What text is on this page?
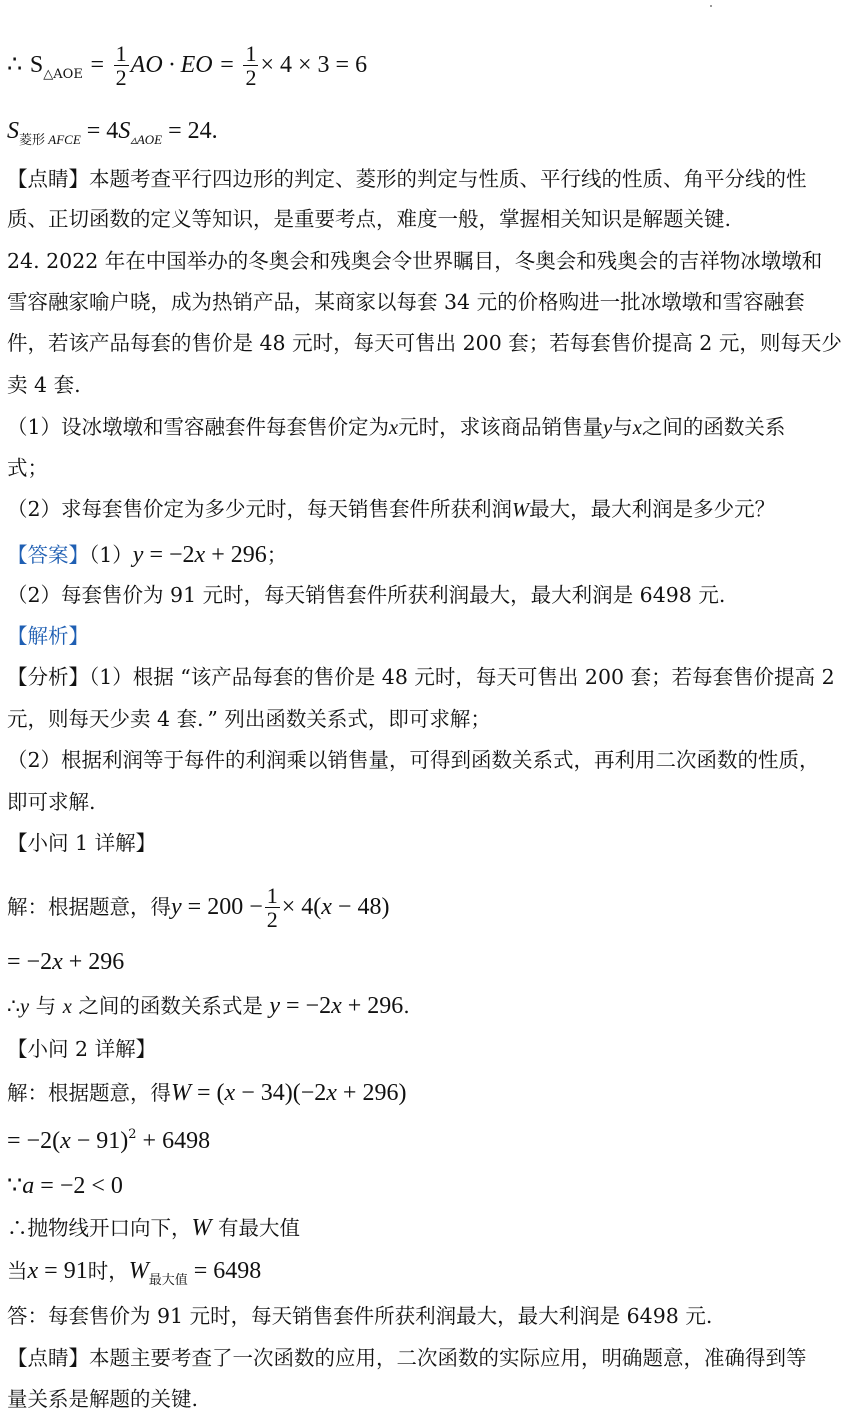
∴ $S_{\triangle AOE} = \frac{1}{2}$ AO · EO = $\frac{1}{2} \times 4 \times 3 = 6$
$S_{菱形}$ $_{AFCE} = 4S_{▵AOE} = 24$.
【点睛】本题考查平行四边形的判定、菱形的判定与性质、平行线的性质、角平分线的性
质、正切函数的定义等知识，是重要考点，难度一般，掌握相关知识是解题关键.
24. 2022 年在中国举办的冬奥会和残奥会令世界瞩目，冬奥会和残奥会的吉祥物冰墩墩和
雪容融家喻户晓，成为热销产品，某商家以每套 34 元的价格购进一批冰墩墩和雪容融套
件，若该产品每套的售价是 48 元时，每天可售出 200 套；若每套售价提高 2 元，则每天少
卖 4 套.
（1）设冰墩墩和雪容融套件每套售价定为x元时，求该商品销售量y与x之间的函数关系
式；
（2）求每套售价定为多少元时，每天销售套件所获利润W最大，最大利润是多少元？
【答案】（1）y = −2x + 296；
（2）每套售价为 91 元时，每天销售套件所获利润最大，最大利润是 6498 元.
【解析】
【分析】（1）根据 “该产品每套的售价是 48 元时，每天可售出 200 套；若每套售价提高 2
元，则每天少卖 4 套．” 列出函数关系式，即可求解；
（2）根据利润等于每件的利润乘以销售量，可得到函数关系式，再利用二次函数的性质，
即可求解.
【小问 1 详解】
解：根据题意，得$y = 200 - \frac{1}{2} \times 4(x - 48)$
= −2x + 296
∴y 与 x 之间的函数关系式是 y = −2x + 296.
【小问 2 详解】
解：根据题意，得W = (x − 34)(−2x + 296)
= $-2(x - 91)^2 + 6498$
∵a = −2 < 0
∴抛物线开口向下，W 有最大值
当x = 91时，$W_{最大值} = 6498$
答：每套售价为 91 元时，每天销售套件所获利润最大，最大利润是 6498 元.
【点睛】本题主要考查了一次函数的应用，二次函数的实际应用，明确题意，准确得到等
量关系是解题的关键.
